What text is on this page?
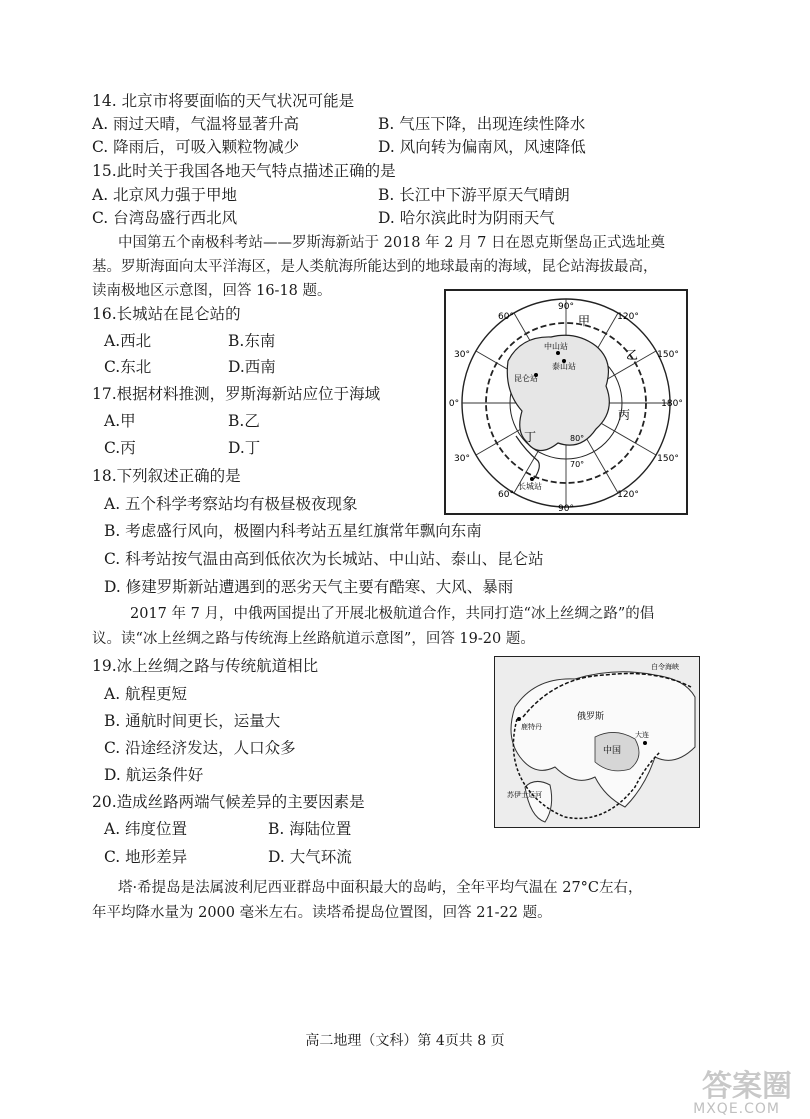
14. 北京市将要面临的天气状况可能是
A. 雨过天晴，气温将显著升高	B. 气压下降，出现连续性降水
C. 降雨后，可吸入颗粒物减少	D. 风向转为偏南风，风速降低
15.此时关于我国各地天气特点描述正确的是
A. 北京风力强于甲地	B. 长江中下游平原天气晴朗
C. 台湾岛盛行西北风	D. 哈尔滨此时为阴雨天气
中国第五个南极科考站——罗斯海新站于 2018 年 2 月 7 日在恩克斯堡岛正式选址奠
基。罗斯海面向太平洋海区，是人类航海所能达到的地球最南的海域，昆仑站海拔最高，
读南极地区示意图，回答 16-18 题。
16.长城站在昆仑站的
A.西北	B.东南
C.东北	D.西南
17.根据材料推测，罗斯海新站应位于海域
A.甲	B.乙
C.丙	D.丁
18.下列叙述正确的是
A. 五个科学考察站均有极昼极夜现象
B. 考虑盛行风向，极圈内科考站五星红旗常年飘向东南
C. 科考站按气温由高到低依次为长城站、中山站、泰山、昆仑站
D. 修建罗斯新站遭遇到的恶劣天气主要有酷寒、大风、暴雨
2017 年 7 月，中俄两国提出了开展北极航道合作，共同打造“冰上丝绸之路”的倡
议。读“冰上丝绸之路与传统海上丝路航道示意图”，回答 19-20 题。
19.冰上丝绸之路与传统航道相比
A. 航程更短
B. 通航时间更长，运量大
C. 沿途经济发达，人口众多
D. 航运条件好
20.造成丝路两端气候差异的主要因素是
A. 纬度位置	B. 海陆位置
C. 地形差异	D. 大气环流
塔·希提岛是法属波利尼西亚群岛中面积最大的岛屿，全年平均气温在 27°C左右，
年平均降水量为 2000 毫米左右。读塔希提岛位置图，回答 21-22 题。
90°
60°	120°
30°	150°
0°	180°
30°	150°
60°	120°
90°
80°
70°
甲
乙
丙
丁
中山站
泰山站
昆仑站
长城站
俄罗斯
中国
白令海峡
大连
苏伊士运河
鹿特丹
高二地理（文科）第 4页共 8 页
答案圈
MXQE.COM
